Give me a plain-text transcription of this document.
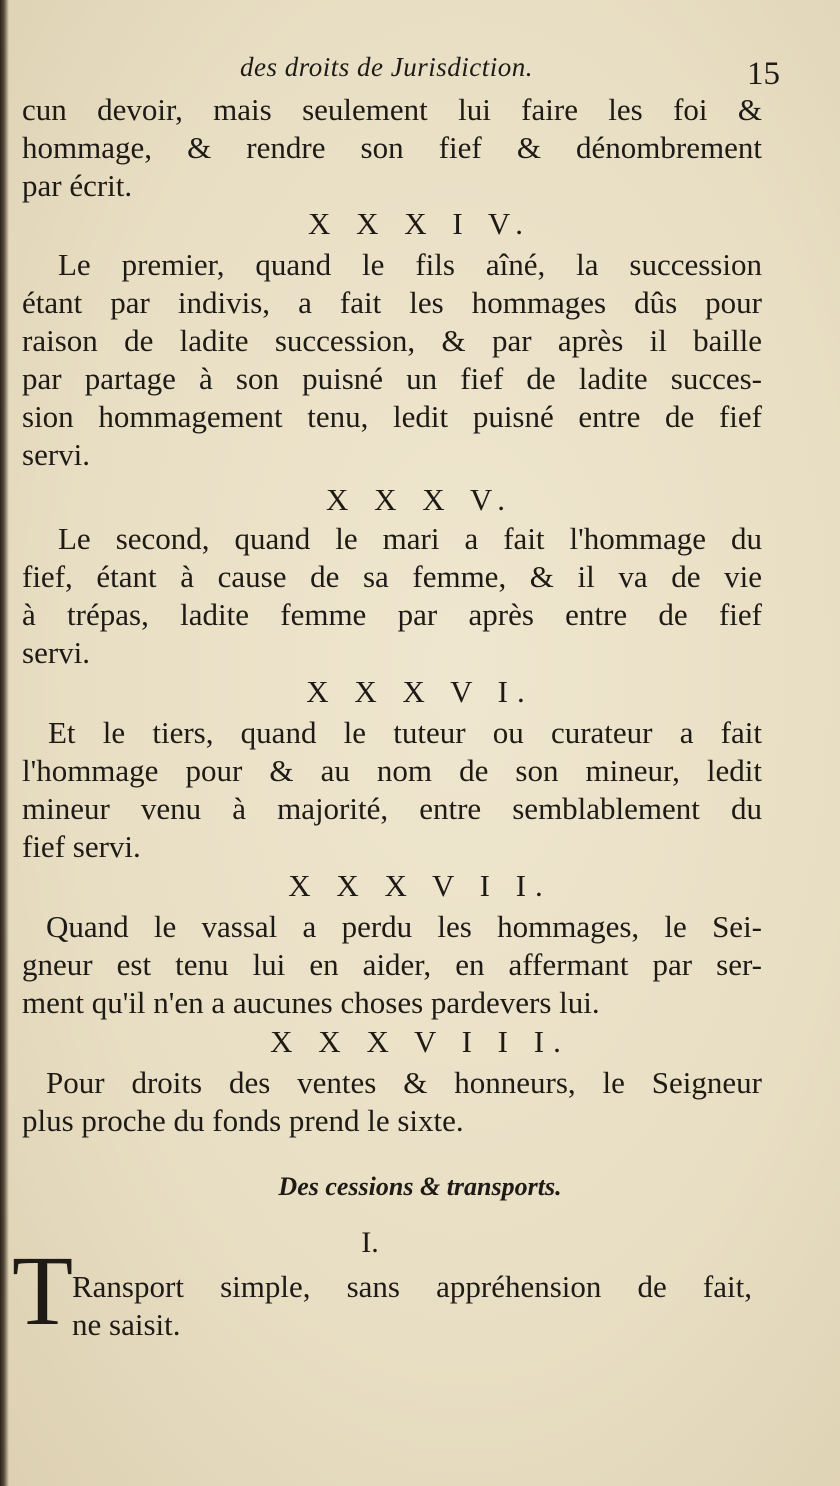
des droits de Jurisdiction.	15
cun devoir, mais seulement lui faire les foi &
hommage, & rendre son fief & dénombrement
par écrit.
X X X I V.
Le premier, quand le fils aîné, la succession
étant par indivis, a fait les hommages dûs pour
raison de ladite succession, & par après il baille
par partage à son puisné un fief de ladite succes-
sion hommagement tenu, ledit puisné entre de fief
servi.
X X X V.
Le second, quand le mari a fait l'hommage du
fief, étant à cause de sa femme, & il va de vie
à trépas, ladite femme par après entre de fief
servi.
X X X V I.
Et le tiers, quand le tuteur ou curateur a fait
l'hommage pour & au nom de son mineur, ledit
mineur venu à majorité, entre semblablement du
fief servi.
X X X V I I.
Quand le vassal a perdu les hommages, le Sei-
gneur est tenu lui en aider, en affermant par ser-
ment qu'il n'en a aucunes choses pardevers lui.
X X X V I I I.
Pour droits des ventes & honneurs, le Seigneur
plus proche du fonds prend le sixte.
Des cessions & transports.
I.
T
Ransport simple, sans appréhension de fait,
ne saisit.
